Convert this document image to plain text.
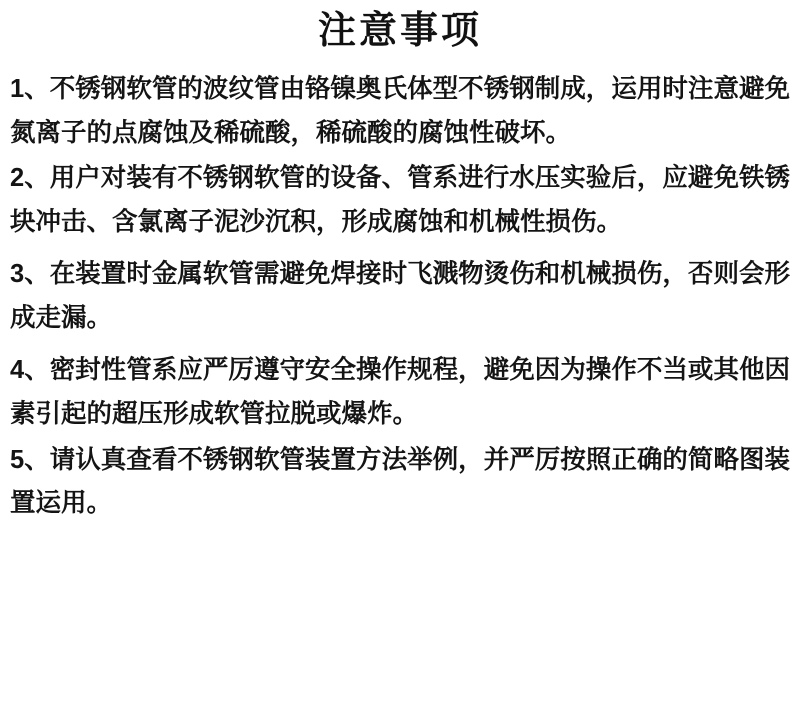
注意事项

1、不锈钢软管的波纹管由铬镍奥氏体型不锈钢制成，运用时注意避免氮离子的点腐蚀及稀硫酸，稀硫酸的腐蚀性破坏。

2、用户对装有不锈钢软管的设备、管系进行水压实验后，应避免铁锈块冲击、含氯离子泥沙沉积，形成腐蚀和机械性损伤。

3、在装置时金属软管需避免焊接时飞溅物烫伤和机械损伤，否则会形成走漏。

4、密封性管系应严厉遵守安全操作规程，避免因为操作不当或其他因素引起的超压形成软管拉脱或爆炸。

5、请认真查看不锈钢软管装置方法举例，并严厉按照正确的简略图装置运用。
